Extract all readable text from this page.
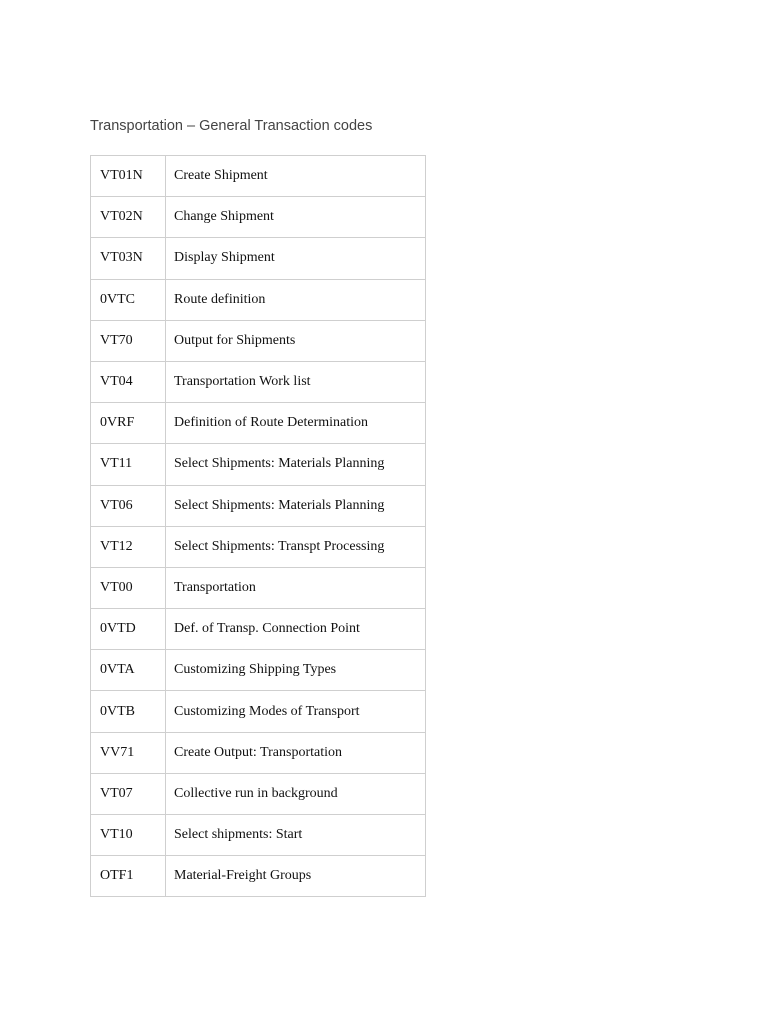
Transportation – General Transaction codes
VT01N	Create Shipment
VT02N	Change Shipment
VT03N	Display Shipment
0VTC	Route definition
VT70	Output for Shipments
VT04	Transportation Work list
0VRF	Definition of Route Determination
VT11	Select Shipments: Materials Planning
VT06	Select Shipments: Materials Planning
VT12	Select Shipments: Transpt Processing
VT00	Transportation
0VTD	Def. of Transp. Connection Point
0VTA	Customizing Shipping Types
0VTB	Customizing Modes of Transport
VV71	Create Output: Transportation
VT07	Collective run in background
VT10	Select shipments: Start
OTF1	Material-Freight Groups
